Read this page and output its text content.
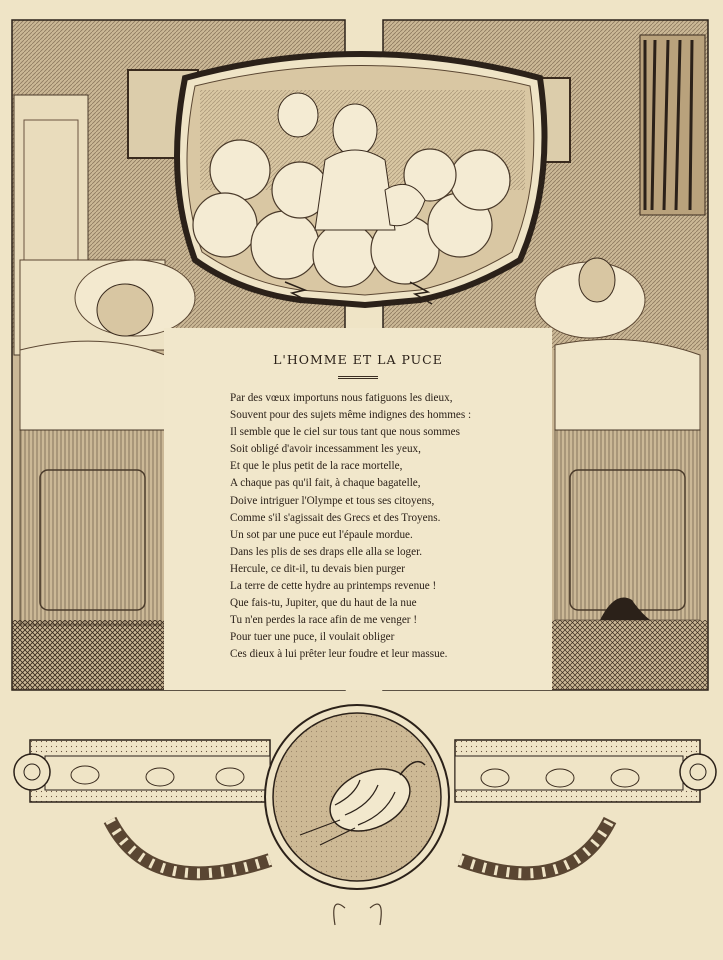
L'HOMME ET LA PUCE
Par des vœux importuns nous fatiguons les dieux,
Souvent pour des sujets même indignes des hommes :
Il semble que le ciel sur tous tant que nous sommes
Soit obligé d'avoir incessamment les yeux,
Et que le plus petit de la race mortelle,
A chaque pas qu'il fait, à chaque bagatelle,
Doive intriguer l'Olympe et tous ses citoyens,
Comme s'il s'agissait des Grecs et des Troyens.
Un sot par une puce eut l'épaule mordue.
Dans les plis de ses draps elle alla se loger.
Hercule, ce dit-il, tu devais bien purger
La terre de cette hydre au printemps revenue !
Que fais-tu, Jupiter, que du haut de la nue
Tu n'en perdes la race afin de me venger !
Pour tuer une puce, il voulait obliger
Ces dieux à lui prêter leur foudre et leur massue.
